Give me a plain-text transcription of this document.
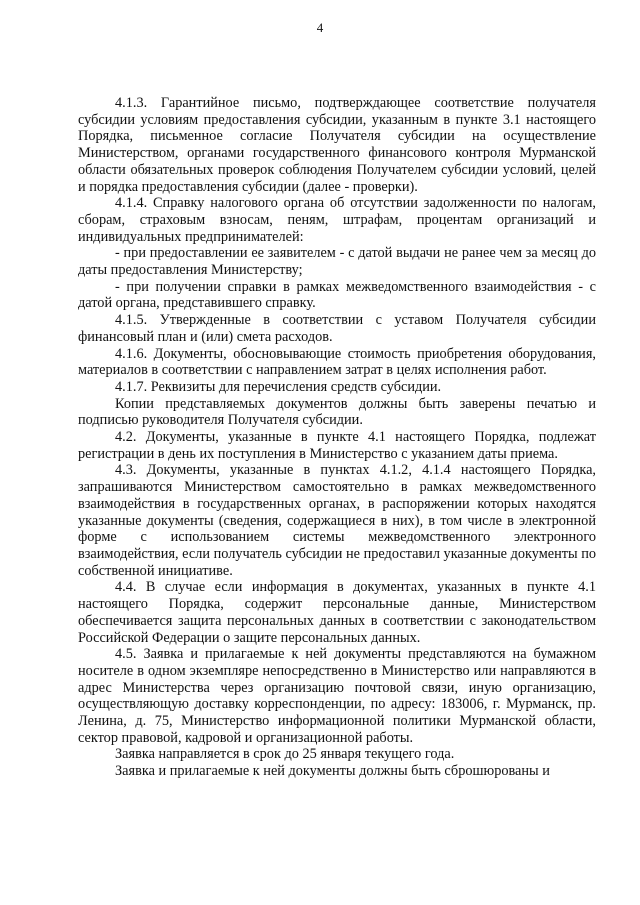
4

4.1.3. Гарантийное письмо, подтверждающее соответствие получателя субсидии условиям предоставления субсидии, указанным в пункте 3.1 настоящего Порядка, письменное согласие Получателя субсидии на осуществление Министерством, органами государственного финансового контроля Мурманской области обязательных проверок соблюдения Получателем субсидии условий, целей и порядка предоставления субсидии (далее - проверки).

4.1.4. Справку налогового органа об отсутствии задолженности по налогам, сборам, страховым взносам, пеням, штрафам, процентам организаций и индивидуальных предпринимателей:

- при предоставлении ее заявителем - с датой выдачи не ранее чем за месяц до даты предоставления Министерству;

- при получении справки в рамках межведомственного взаимодействия - с датой органа, представившего справку.

4.1.5. Утвержденные в соответствии с уставом Получателя субсидии финансовый план и (или) смета расходов.

4.1.6. Документы, обосновывающие стоимость приобретения оборудования, материалов в соответствии с направлением затрат в целях исполнения работ.

4.1.7. Реквизиты для перечисления средств субсидии.

Копии представляемых документов должны быть заверены печатью и подписью руководителя Получателя субсидии.

4.2. Документы, указанные в пункте 4.1 настоящего Порядка, подлежат регистрации в день их поступления в Министерство с указанием даты приема.

4.3. Документы, указанные в пунктах 4.1.2, 4.1.4 настоящего Порядка, запрашиваются Министерством самостоятельно в рамках межведомственного взаимодействия в государственных органах, в распоряжении которых находятся указанные документы (сведения, содержащиеся в них), в том числе в электронной форме с использованием системы межведомственного электронного взаимодействия, если получатель субсидии не предоставил указанные документы по собственной инициативе.

4.4. В случае если информация в документах, указанных в пункте 4.1 настоящего Порядка, содержит персональные данные, Министерством обеспечивается защита персональных данных в соответствии с законодательством Российской Федерации о защите персональных данных.

4.5. Заявка и прилагаемые к ней документы представляются на бумажном носителе в одном экземпляре непосредственно в Министерство или направляются в адрес Министерства через организацию почтовой связи, иную организацию, осуществляющую доставку корреспонденции, по адресу: 183006, г. Мурманск, пр. Ленина, д. 75, Министерство информационной политики Мурманской области, сектор правовой, кадровой и организационной работы.

Заявка направляется в срок до 25 января текущего года.

Заявка и прилагаемые к ней документы должны быть сброшюрованы и
